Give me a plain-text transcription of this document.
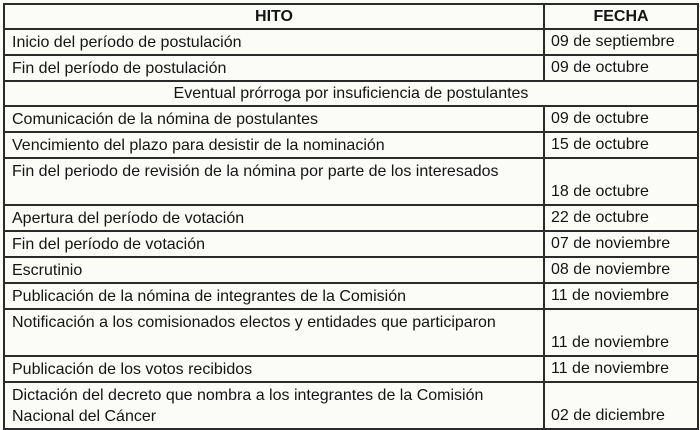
HITO	FECHA
Inicio del período de postulación	09 de septiembre
Fin del período de postulación	09 de octubre
Eventual prórroga por insuficiencia de postulantes	
Comunicación de la nómina de postulantes	09 de octubre
Vencimiento del plazo para desistir de la nominación	15 de octubre
Fin del periodo de revisión de la nómina por parte de los interesados	18 de octubre
Apertura del período de votación	22 de octubre
Fin del período de votación	07 de noviembre
Escrutinio	08 de noviembre
Publicación de la nómina de integrantes de la Comisión	11 de noviembre
Notificación a los comisionados electos y entidades que participaron	11 de noviembre
Publicación de los votos recibidos	11 de noviembre
Dictación del decreto que nombra a los integrantes de la Comisión Nacional del Cáncer	02 de diciembre
